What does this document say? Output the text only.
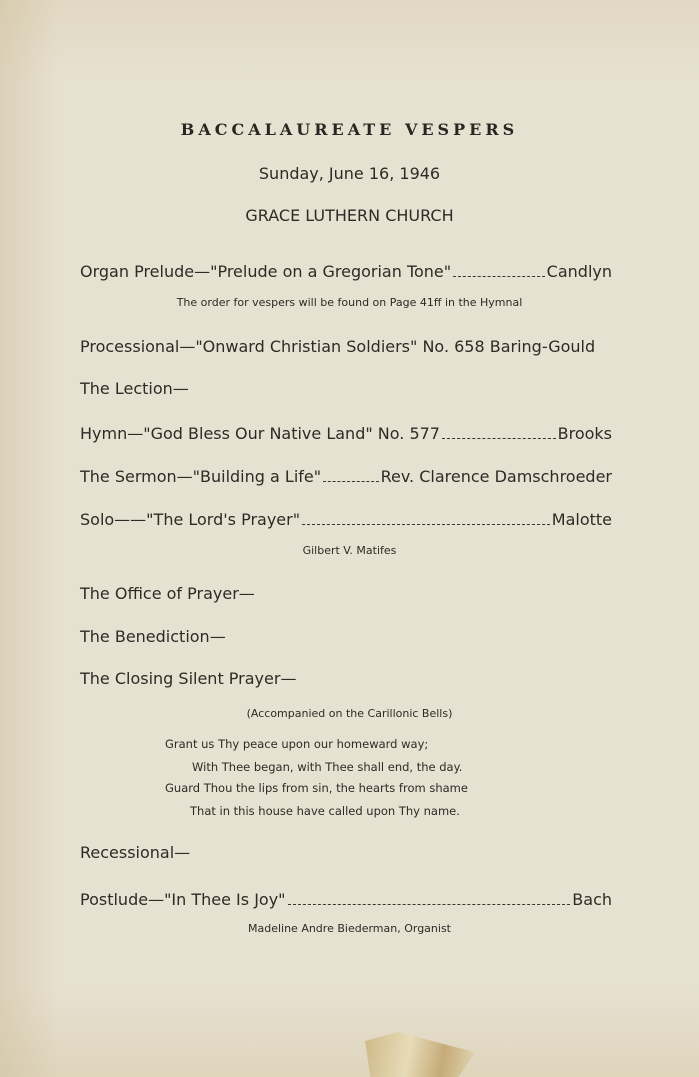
BACCALAUREATE VESPERS
Sunday, June 16, 1946
GRACE LUTHERN CHURCH
Organ Prelude—"Prelude on a Gregorian Tone"	Candlyn
The order for vespers will be found on Page 41ff in the Hymnal
Processional—"Onward Christian Soldiers" No. 658 Baring-Gould
The Lection—
Hymn—"God Bless Our Native Land" No. 577	Brooks
The Sermon—"Building a Life"	Rev. Clarence Damschroeder
Solo——"The Lord's Prayer"	Malotte
Gilbert V. Matifes
The Office of Prayer—
The Benediction—
The Closing Silent Prayer—
(Accompanied on the Carillonic Bells)
Grant us Thy peace upon our homeward way;
With Thee began, with Thee shall end, the day.
Guard Thou the lips from sin, the hearts from shame
That in this house have called upon Thy name.
Recessional—
Postlude—"In Thee Is Joy"	Bach
Madeline Andre Biederman, Organist
